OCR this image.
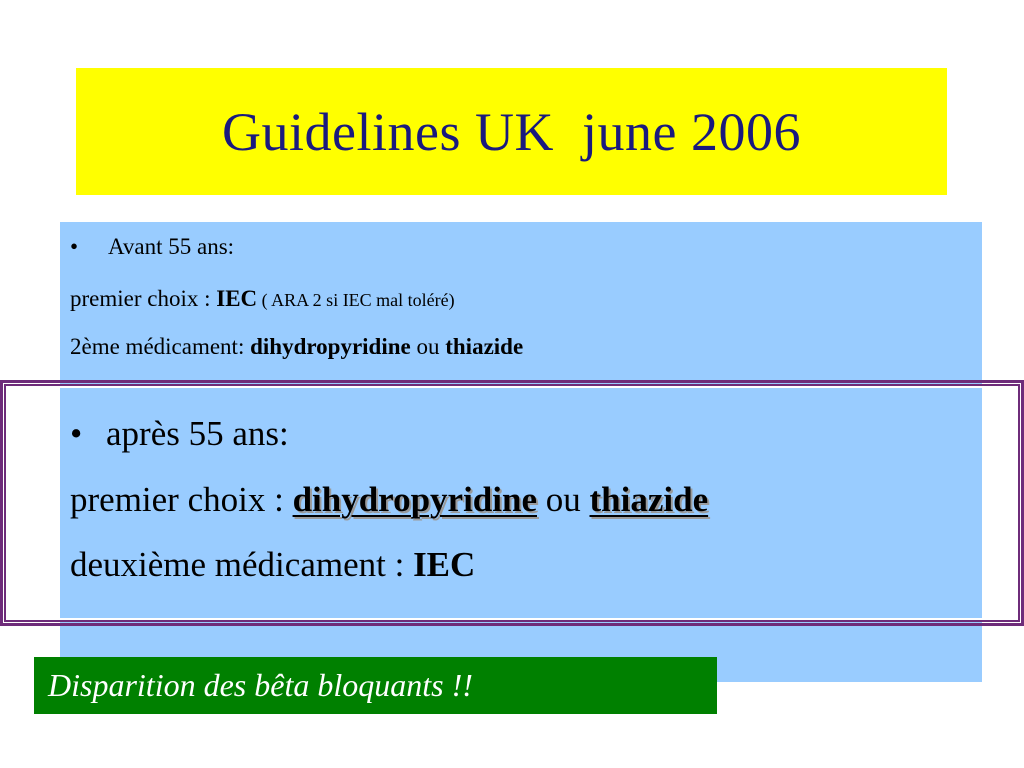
Guidelines UK  june 2006
• Avant 55 ans:
premier choix : IEC ( ARA 2 si IEC mal toléré)
2ème médicament: dihydropyridine ou thiazide
• après 55 ans:
premier choix : dihydropyridine ou thiazide
deuxième médicament : IEC
Disparition des bêta bloquants !!
